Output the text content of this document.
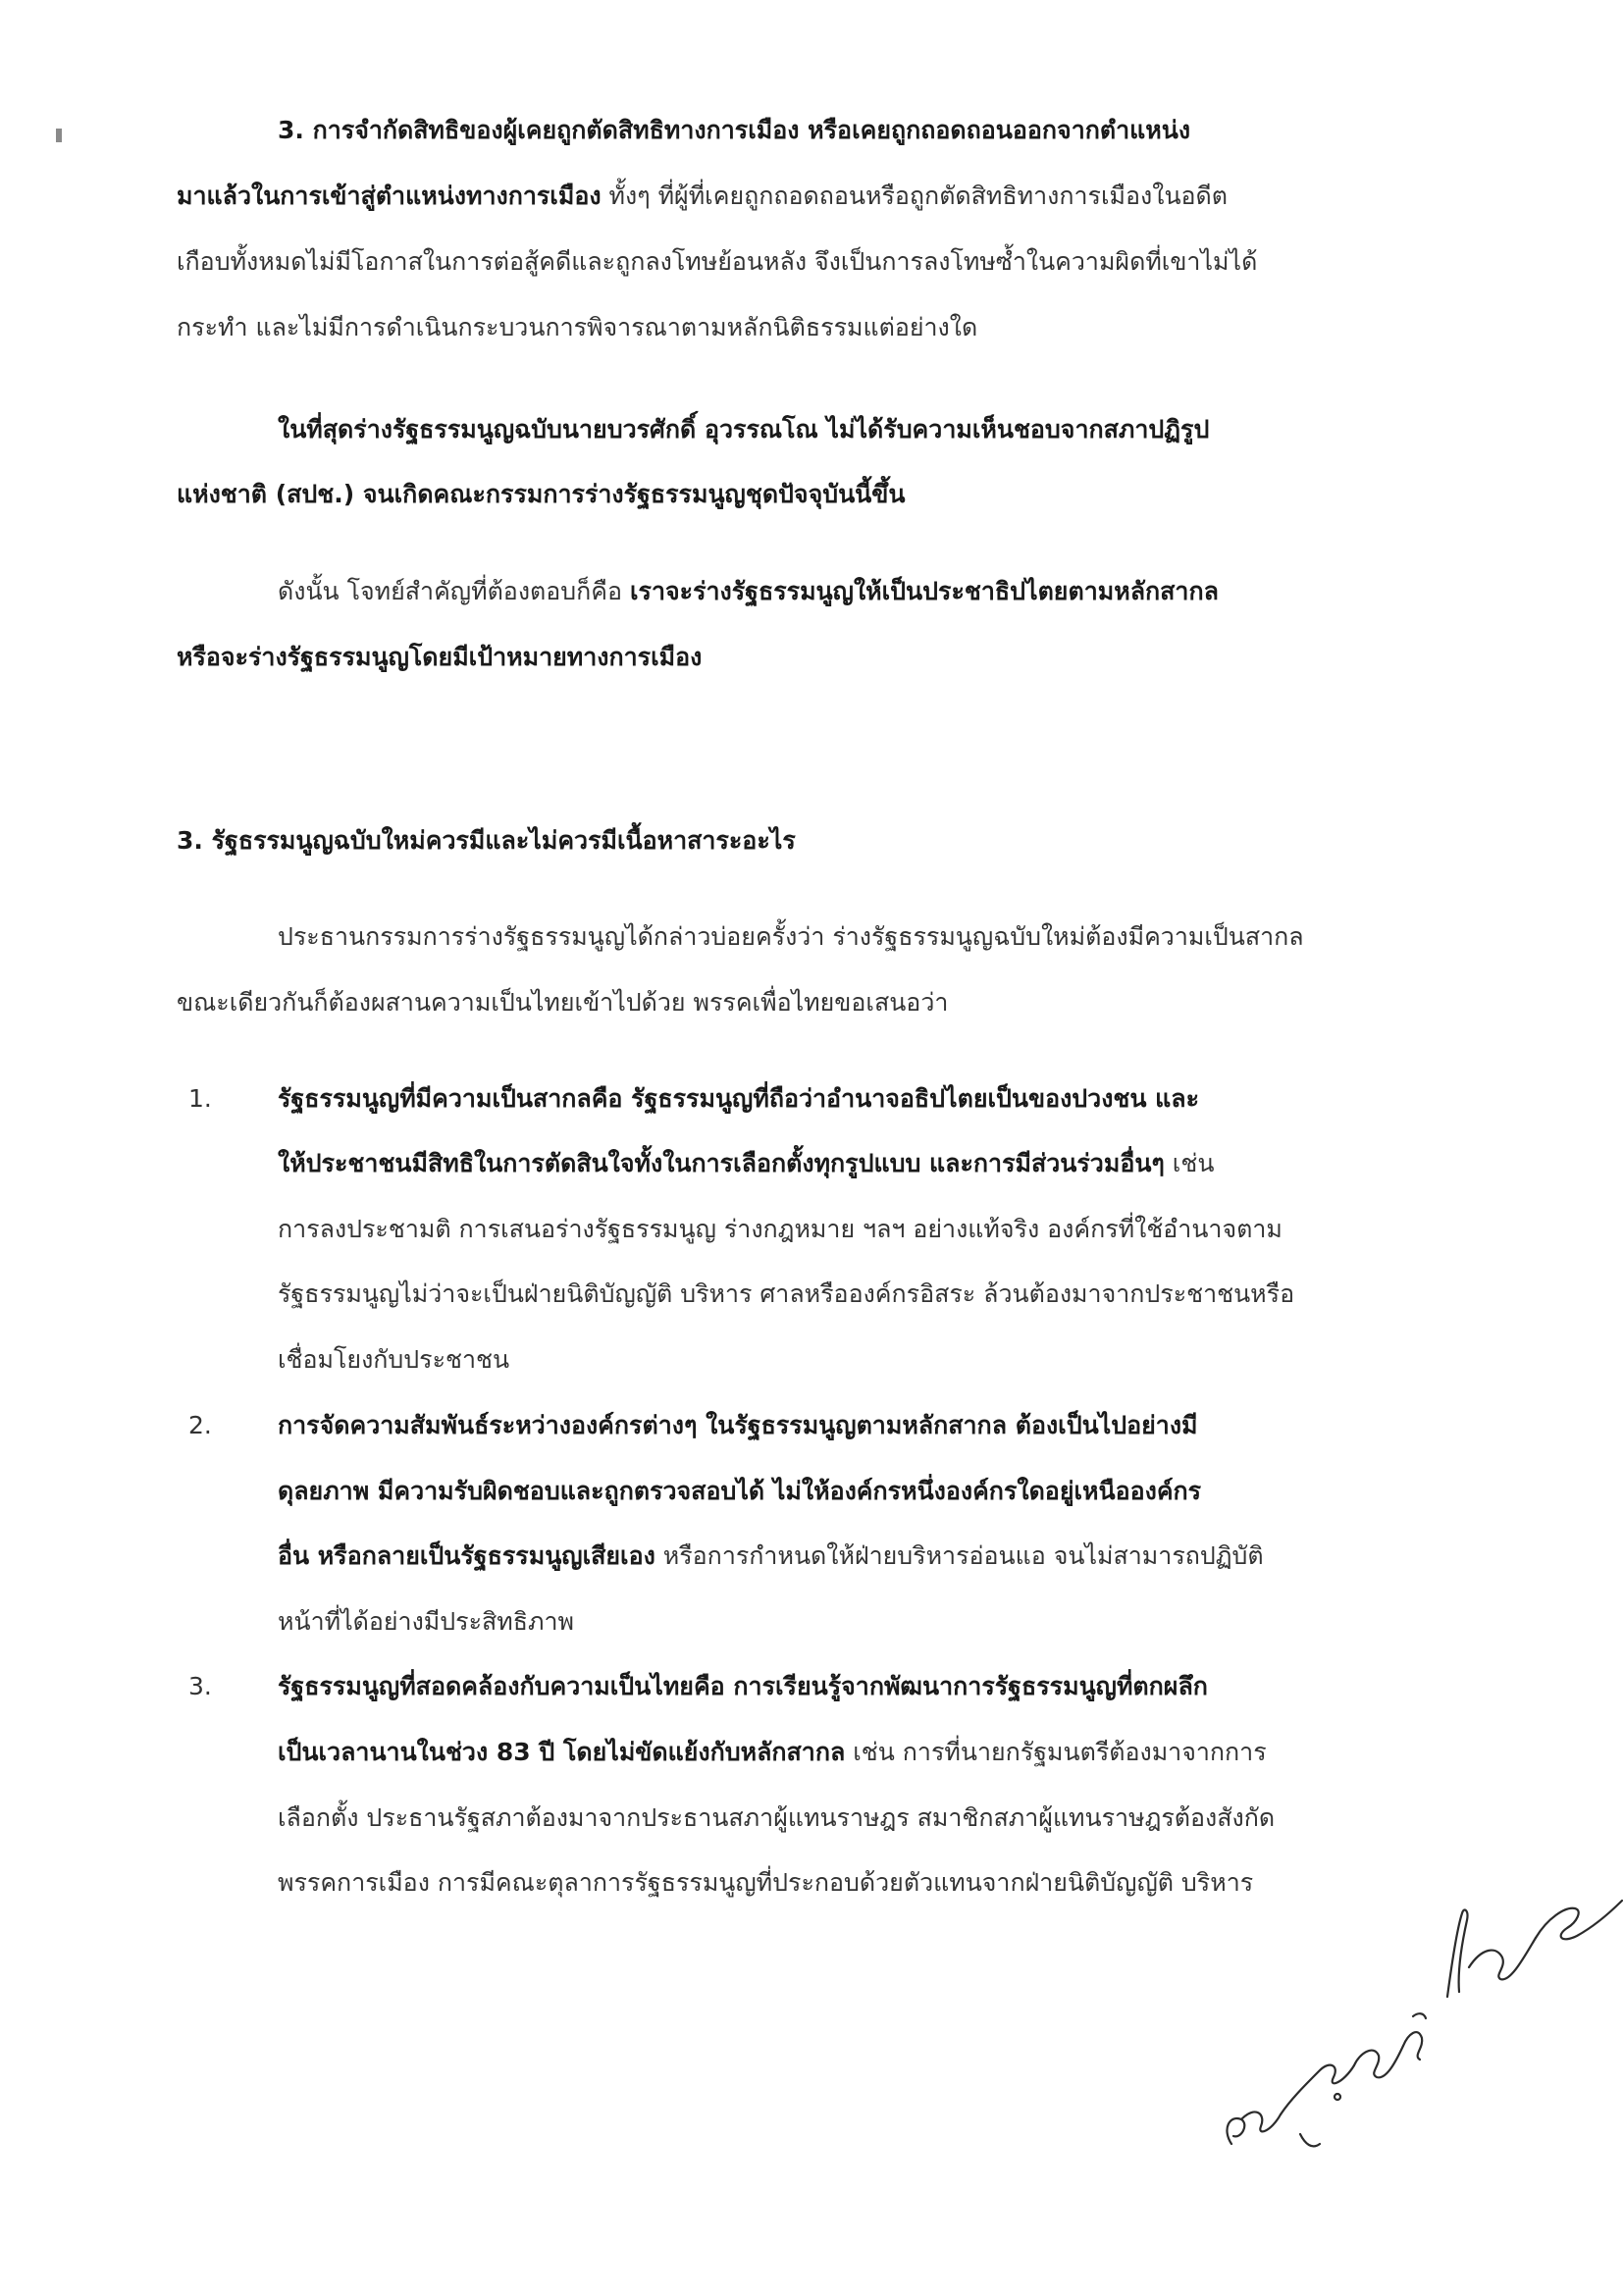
3. การจำกัดสิทธิของผู้เคยถูกตัดสิทธิทางการเมือง หรือเคยถูกถอดถอนออกจากตำแหน่ง
มาแล้วในการเข้าสู่ตำแหน่งทางการเมือง ทั้งๆ ที่ผู้ที่เคยถูกถอดถอนหรือถูกตัดสิทธิทางการเมืองในอดีต
เกือบทั้งหมดไม่มีโอกาสในการต่อสู้คดีและถูกลงโทษย้อนหลัง จึงเป็นการลงโทษซ้ำในความผิดที่เขาไม่ได้
กระทำ และไม่มีการดำเนินกระบวนการพิจารณาตามหลักนิติธรรมแต่อย่างใด
ในที่สุดร่างรัฐธรรมนูญฉบับนายบวรศักดิ์ อุวรรณโณ ไม่ได้รับความเห็นชอบจากสภาปฏิรูป
แห่งชาติ (สปช.) จนเกิดคณะกรรมการร่างรัฐธรรมนูญชุดปัจจุบันนี้ขึ้น
ดังนั้น โจทย์สำคัญที่ต้องตอบก็คือ เราจะร่างรัฐธรรมนูญให้เป็นประชาธิปไตยตามหลักสากล
หรือจะร่างรัฐธรรมนูญโดยมีเป้าหมายทางการเมือง
3. รัฐธรรมนูญฉบับใหม่ควรมีและไม่ควรมีเนื้อหาสาระอะไร
ประธานกรรมการร่างรัฐธรรมนูญได้กล่าวบ่อยครั้งว่า ร่างรัฐธรรมนูญฉบับใหม่ต้องมีความเป็นสากล
ขณะเดียวกันก็ต้องผสานความเป็นไทยเข้าไปด้วย พรรคเพื่อไทยขอเสนอว่า
1.	รัฐธรรมนูญที่มีความเป็นสากลคือ รัฐธรรมนูญที่ถือว่าอำนาจอธิปไตยเป็นของปวงชน และ
ให้ประชาชนมีสิทธิในการตัดสินใจทั้งในการเลือกตั้งทุกรูปแบบ และการมีส่วนร่วมอื่นๆ เช่น
การลงประชามติ การเสนอร่างรัฐธรรมนูญ ร่างกฎหมาย ฯลฯ อย่างแท้จริง องค์กรที่ใช้อำนาจตาม
รัฐธรรมนูญไม่ว่าจะเป็นฝ่ายนิติบัญญัติ บริหาร ศาลหรือองค์กรอิสระ ล้วนต้องมาจากประชาชนหรือ
เชื่อมโยงกับประชาชน
2.	การจัดความสัมพันธ์ระหว่างองค์กรต่างๆ ในรัฐธรรมนูญตามหลักสากล ต้องเป็นไปอย่างมี
ดุลยภาพ มีความรับผิดชอบและถูกตรวจสอบได้ ไม่ให้องค์กรหนึ่งองค์กรใดอยู่เหนือองค์กร
อื่น หรือกลายเป็นรัฐธรรมนูญเสียเอง หรือการกำหนดให้ฝ่ายบริหารอ่อนแอ จนไม่สามารถปฏิบัติ
หน้าที่ได้อย่างมีประสิทธิภาพ
3.	รัฐธรรมนูญที่สอดคล้องกับความเป็นไทยคือ การเรียนรู้จากพัฒนาการรัฐธรรมนูญที่ตกผลึก
เป็นเวลานานในช่วง 83 ปี โดยไม่ขัดแย้งกับหลักสากล เช่น การที่นายกรัฐมนตรีต้องมาจากการ
เลือกตั้ง ประธานรัฐสภาต้องมาจากประธานสภาผู้แทนราษฎร สมาชิกสภาผู้แทนราษฎรต้องสังกัด
พรรคการเมือง การมีคณะตุลาการรัฐธรรมนูญที่ประกอบด้วยตัวแทนจากฝ่ายนิติบัญญัติ บริหาร
